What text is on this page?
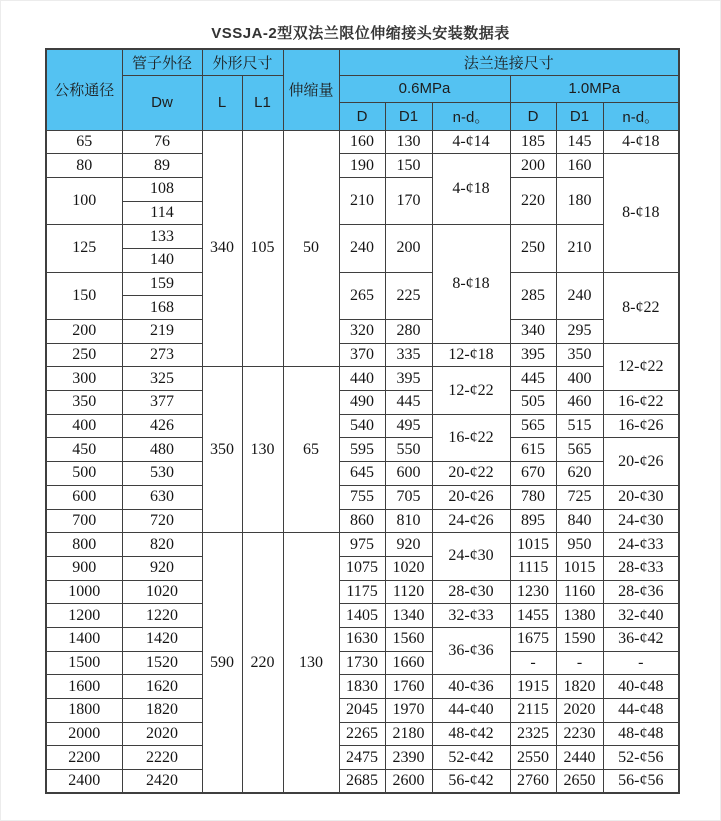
VSSJA-2型双法兰限位伸缩接头安装数据表
公称通径	管子外径	外形尺寸		伸缩量	法兰连接尺寸					
	Dw	L	L1		0.6MPa			1.0MPa		
					D	D1	n-d。	D	D1	n-d。
65	76	340	105	50	160	130	4-¢14	185	145	4-¢18
80	89				190	150	4-¢18	200	160	8-¢18
100	108				210	170		220	180	
	114									
125	133				240	200	8-¢18	250	210	
	140									
150	159				265	225		285	240	8-¢22
	168									
200	219				320	280		340	295	
250	273				370	335	12-¢18	395	350	12-¢22
300	325	350	130	65	440	395	12-¢22	445	400	
350	377				490	445		505	460	16-¢22
400	426				540	495	16-¢22	565	515	16-¢26
450	480				595	550		615	565	20-¢26
500	530				645	600	20-¢22	670	620	
600	630				755	705	20-¢26	780	725	20-¢30
700	720				860	810	24-¢26	895	840	24-¢30
800	820	590	220	130	975	920	24-¢30	1015	950	24-¢33
900	920				1075	1020		1115	1015	28-¢33
1000	1020				1175	1120	28-¢30	1230	1160	28-¢36
1200	1220				1405	1340	32-¢33	1455	1380	32-¢40
1400	1420				1630	1560	36-¢36	1675	1590	36-¢42
1500	1520				1730	1660		-	-	-
1600	1620				1830	1760	40-¢36	1915	1820	40-¢48
1800	1820				2045	1970	44-¢40	2115	2020	44-¢48
2000	2020				2265	2180	48-¢42	2325	2230	48-¢48
2200	2220				2475	2390	52-¢42	2550	2440	52-¢56
2400	2420				2685	2600	56-¢42	2760	2650	56-¢56
